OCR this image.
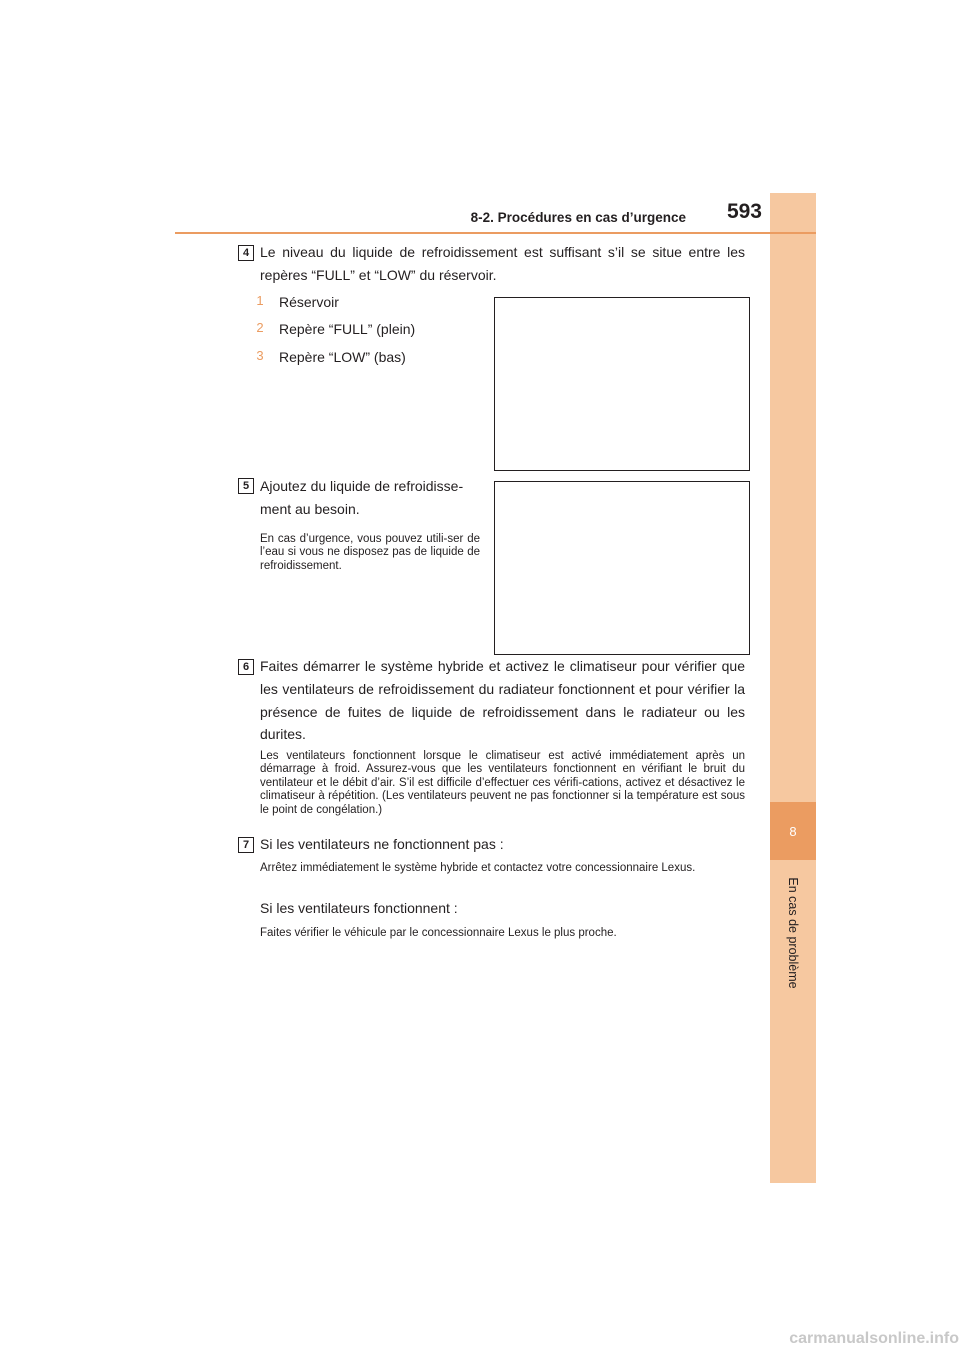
8
En cas de problème
8-2. Procédures en cas d’urgence	593
4 Le niveau du liquide de refroidissement est suffisant s’il se situe entre les repères “FULL” et “LOW” du réservoir.
1 Réservoir
2 Repère “FULL” (plein)
3 Repère “LOW” (bas)
5 Ajoutez du liquide de refroidisse-ment au besoin.
En cas d’urgence, vous pouvez utili-ser de l’eau si vous ne disposez pas de liquide de refroidissement.
6 Faites démarrer le système hybride et activez le climatiseur pour vérifier que les ventilateurs de refroidissement du radiateur fonctionnent et pour vérifier la présence de fuites de liquide de refroidissement dans le radiateur ou les durites.
Les ventilateurs fonctionnent lorsque le climatiseur est activé immédiatement après un démarrage à froid. Assurez-vous que les ventilateurs fonctionnent en vérifiant le bruit du ventilateur et le débit d’air. S’il est difficile d’effectuer ces vérifi-cations, activez et désactivez le climatiseur à répétition. (Les ventilateurs peuvent ne pas fonctionner si la température est sous le point de congélation.)
7 Si les ventilateurs ne fonctionnent pas :
Arrêtez immédiatement le système hybride et contactez votre concessionnaire Lexus.
Si les ventilateurs fonctionnent :
Faites vérifier le véhicule par le concessionnaire Lexus le plus proche.
carmanualsonline.info
